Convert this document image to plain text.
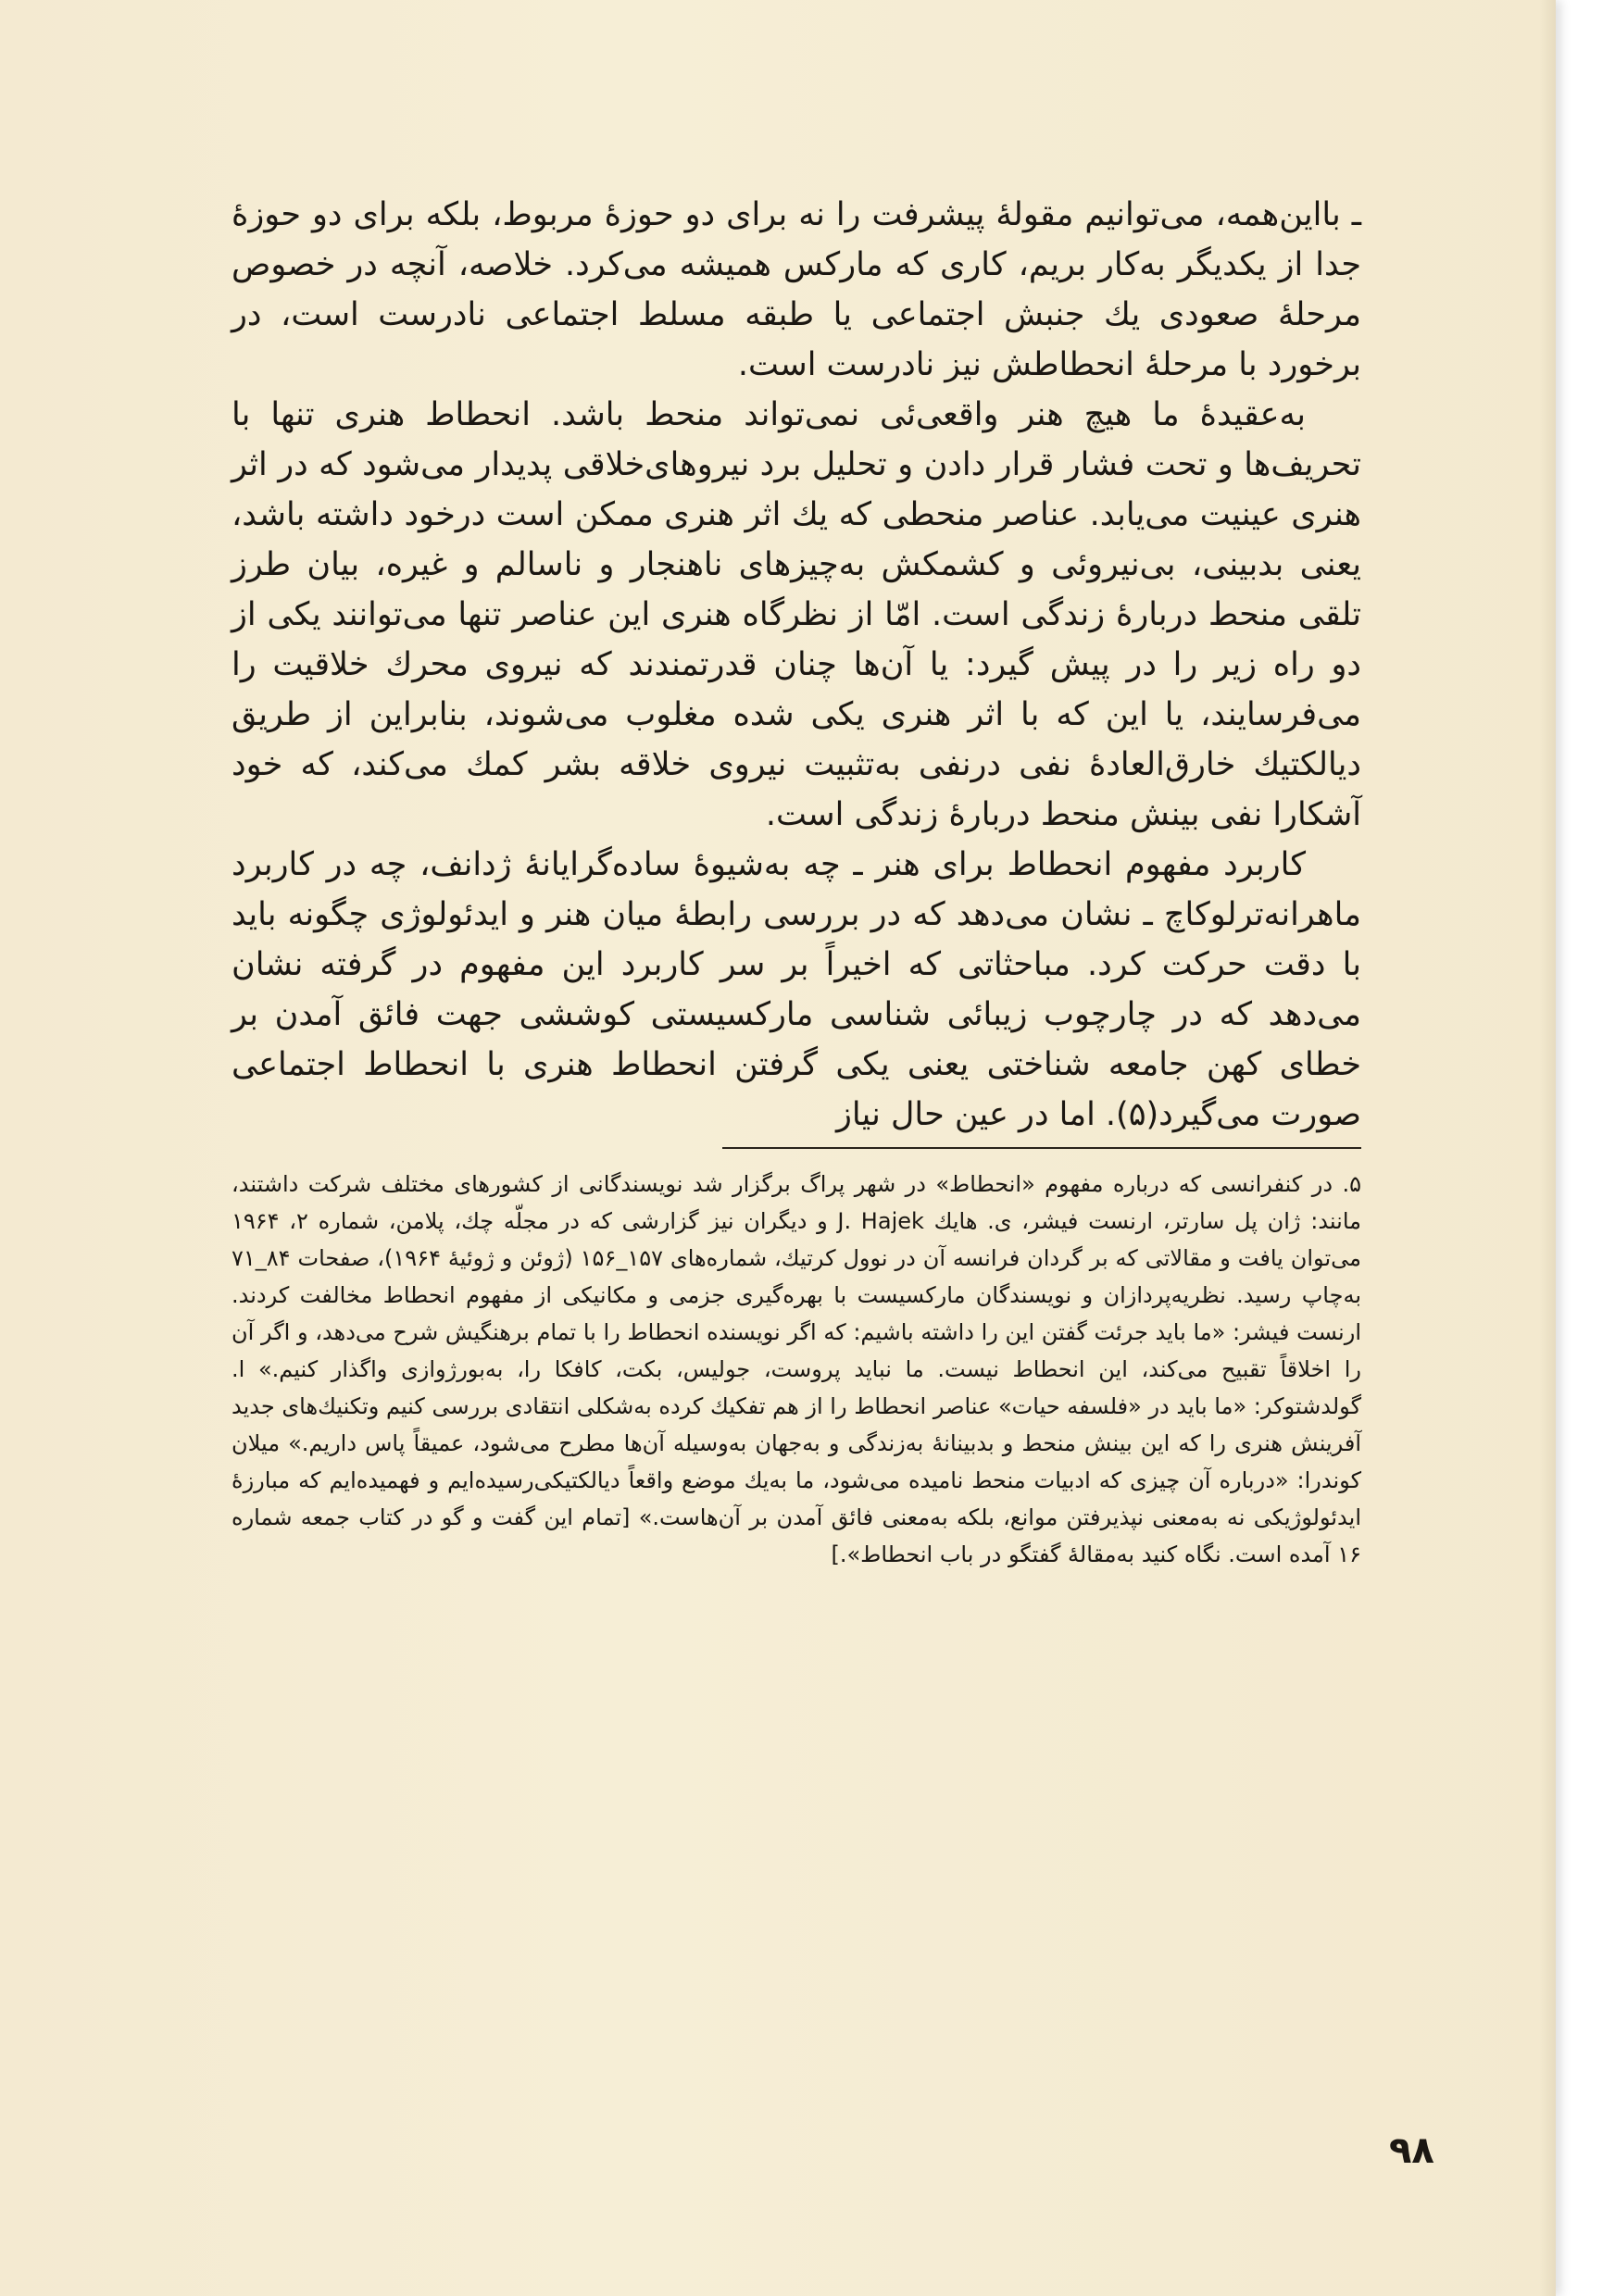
ـ بااین‌همه، می‌توانیم مقولهٔ پیشرفت را نه برای دو حوزهٔ مربوط، بلکه برای دو حوزهٔ جدا از یکدیگر به‌کار بریم، کاری که مارکس همیشه می‌کرد. خلاصه، آنچه در خصوص مرحلهٔ صعودی یك جنبش اجتماعی یا طبقه مسلط اجتماعی نادرست است، در برخورد با مرحلهٔ انحطاطش نیز نادرست است.

به‌عقیدهٔ ما هیچ هنر واقعی‌ئی نمی‌تواند منحط باشد. انحطاط هنری تنها با تحریف‌ها و تحت فشار قرار دادن و تحلیل برد نیروهای‌خلاقی پدیدار می‌شود که در اثر هنری عینیت می‌یابد. عناصر منحطی که یك اثر هنری ممکن است درخود داشته باشد، یعنی بدبینی، بی‌نیروئی و کشمکش به‌چیزهای ناهنجار و ناسالم و غیره، بیان طرز تلقی منحط دربارهٔ زندگی است. امّا از نظرگاه هنری این عناصر تنها می‌توانند یکی از دو راه زیر را در پیش گیرد: یا آن‌ها چنان قدرتمندند که نیروی محرك خلاقیت را می‌فرسایند، یا این که با اثر هنری یکی شده مغلوب می‌شوند، بنابراین از طریق دیالکتیك خارق‌العادهٔ نفی درنفی به‌تثبیت نیروی خلاقه بشر کمك می‌کند، که خود آشکارا نفی بینش منحط دربارهٔ زندگی است.

کاربرد مفهوم انحطاط برای هنر ـ چه به‌شیوهٔ ساده‌گرایانهٔ ژدانف، چه در کاربرد ماهرانه‌ترلوکاچ ـ نشان می‌دهد که در بررسی رابطهٔ میان هنر و ایدئولوژی چگونه باید با دقت حرکت کرد. مباحثاتی که اخیراً بر سر کاربرد این مفهوم در گرفته نشان می‌دهد که در چارچوب زیبائی شناسی مارکسیستی کوششی جهت فائق آمدن بر خطای کهن جامعه شناختی یعنی یکی گرفتن انحطاط هنری با انحطاط اجتماعی صورت می‌گیرد(۵). اما در عین حال نیاز

۵. در کنفرانسی که درباره مفهوم «انحطاط» در شهر پراگ برگزار شد نویسندگانی از کشورهای مختلف شرکت داشتند، مانند: ژان پل سارتر، ارنست فیشر، ی. هایك J. Hajek و دیگران نیز گزارشی که در مجلّه چك، پلامن، شماره ۲، ۱۹۶۴ می‌توان یافت و مقالاتی که بر گردان فرانسه آن در نوول کرتیك، شماره‌های ۱۵۷_۱۵۶ (ژوئن و ژوئیهٔ ۱۹۶۴)، صفحات ۸۴_۷۱ به‌چاپ رسید. نظریه‌پردازان و نویسندگان مارکسیست با بهره‌گیری جزمی و مکانیکی از مفهوم انحطاط مخالفت کردند. ارنست فیشر: «ما باید جرئت گفتن این را داشته باشیم: که اگر نویسنده انحطاط را با تمام برهنگیش شرح می‌دهد، و اگر آن را اخلاقاً تقبیح می‌کند، این انحطاط نیست. ما نباید پروست، جولیس، بکت، کافکا را، به‌بورژوازی واگذار کنیم.» ا. گولدشتوکر: «ما باید در «فلسفه حیات» عناصر انحطاط را از هم تفکیك کرده به‌شکلی انتقادی بررسی کنیم وتکنیك‌های جدید آفرینش هنری را که این بینش منحط و بدبینانهٔ به‌زندگی و به‌جهان به‌وسیله آن‌ها مطرح می‌شود، عمیقاً پاس داریم.» میلان کوندرا: «درباره آن چیزی که ادبیات منحط نامیده می‌شود، ما به‌یك موضع واقعاً دیالکتیکی‌رسیده‌ایم و فهمیده‌ایم که مبارزهٔ ایدئولوژیکی نه به‌معنی نپذیرفتن موانع، بلکه به‌معنی فائق آمدن بر آن‌هاست.» [تمام این گفت و گو در کتاب جمعه شماره ۱۶ آمده است. نگاه کنید به‌مقالهٔ گفتگو در باب انحطاط».]

۹۸
